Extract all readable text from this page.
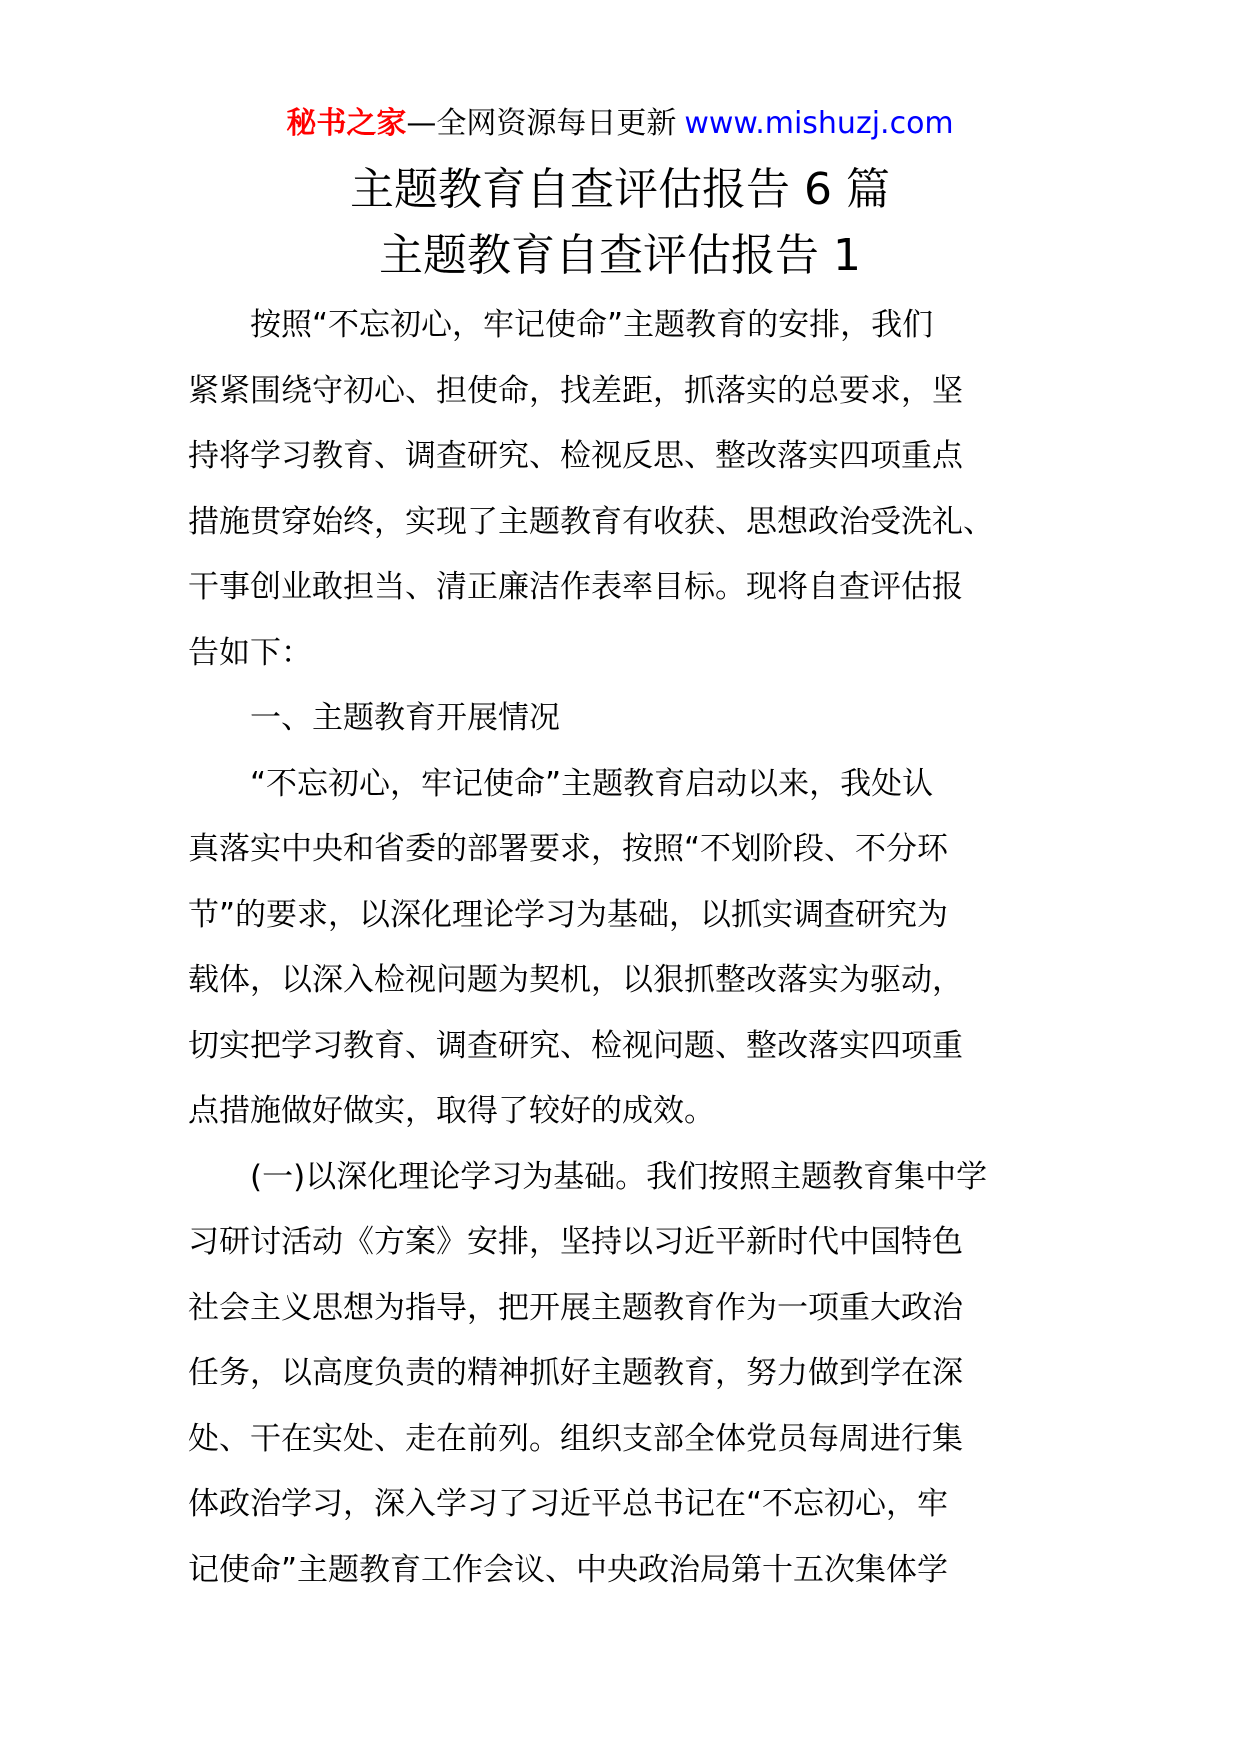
秘书之家—全网资源每日更新 www.mishuzj.com
主题教育自查评估报告 6 篇
主题教育自查评估报告 1

按照“不忘初心，牢记使命”主题教育的安排，我们
紧紧围绕守初心、担使命，找差距，抓落实的总要求，坚
持将学习教育、调查研究、检视反思、整改落实四项重点
措施贯穿始终，实现了主题教育有收获、思想政治受洗礼、
干事创业敢担当、清正廉洁作表率目标。现将自查评估报
告如下：

一、主题教育开展情况

“不忘初心，牢记使命”主题教育启动以来，我处认
真落实中央和省委的部署要求，按照“不划阶段、不分环
节”的要求，以深化理论学习为基础，以抓实调查研究为
载体，以深入检视问题为契机，以狠抓整改落实为驱动，
切实把学习教育、调查研究、检视问题、整改落实四项重
点措施做好做实，取得了较好的成效。

(一)以深化理论学习为基础。我们按照主题教育集中学
习研讨活动《方案》安排，坚持以习近平新时代中国特色
社会主义思想为指导，把开展主题教育作为一项重大政治
任务，以高度负责的精神抓好主题教育，努力做到学在深
处、干在实处、走在前列。组织支部全体党员每周进行集
体政治学习，深入学习了习近平总书记在“不忘初心，牢
记使命”主题教育工作会议、中央政治局第十五次集体学
